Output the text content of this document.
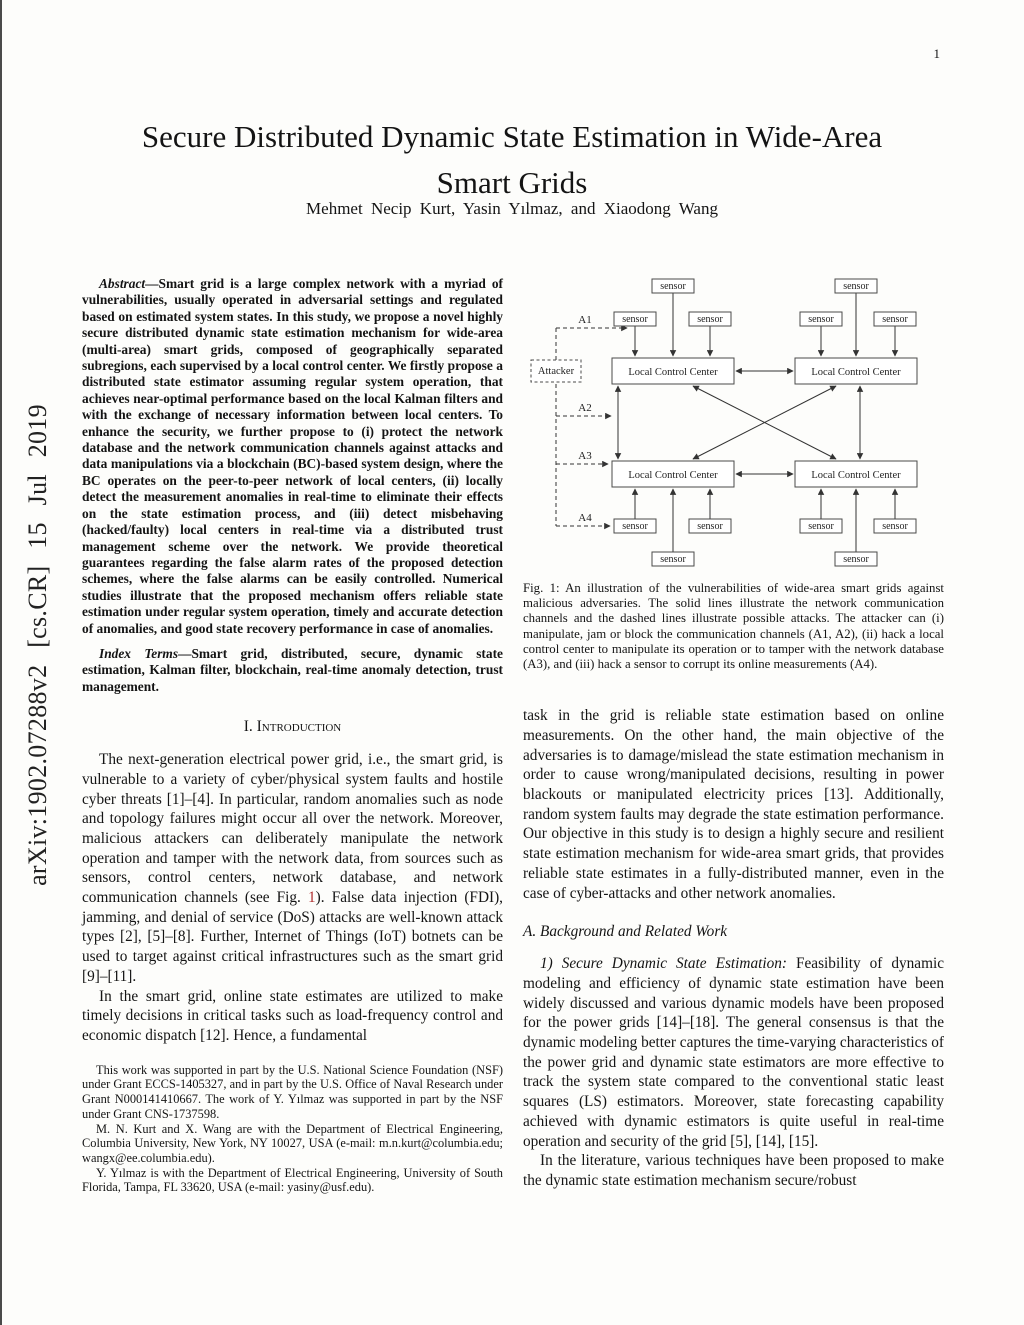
1
arXiv:1902.07288v2 [cs.CR] 15 Jul 2019
Secure Distributed Dynamic State Estimation in Wide-Area Smart Grids
Mehmet Necip Kurt, Yasin Yılmaz, and Xiaodong Wang

Abstract—Smart grid is a large complex network with a myriad of vulnerabilities, usually operated in adversarial settings and regulated based on estimated system states. In this study, we propose a novel highly secure distributed dynamic state estimation mechanism for wide-area (multi-area) smart grids, composed of geographically separated subregions, each supervised by a local control center. We firstly propose a distributed state estimator assuming regular system operation, that achieves near-optimal performance based on the local Kalman filters and with the exchange of necessary information between local centers. To enhance the security, we further propose to (i) protect the network database and the network communication channels against attacks and data manipulations via a blockchain (BC)-based system design, where the BC operates on the peer-to-peer network of local centers, (ii) locally detect the measurement anomalies in real-time to eliminate their effects on the state estimation process, and (iii) detect misbehaving (hacked/faulty) local centers in real-time via a distributed trust management scheme over the network. We provide theoretical guarantees regarding the false alarm rates of the proposed detection schemes, where the false alarms can be easily controlled. Numerical studies illustrate that the proposed mechanism offers reliable state estimation under regular system operation, timely and accurate detection of anomalies, and good state recovery performance in case of anomalies.

Index Terms—Smart grid, distributed, secure, dynamic state estimation, Kalman filter, blockchain, real-time anomaly detection, trust management.

I. Introduction

The next-generation electrical power grid, i.e., the smart grid, is vulnerable to a variety of cyber/physical system faults and hostile cyber threats [1]–[4]. In particular, random anomalies such as node and topology failures might occur all over the network. Moreover, malicious attackers can deliberately manipulate the network operation and tamper with the network data, from sources such as sensors, control centers, network database, and network communication channels (see Fig. 1). False data injection (FDI), jamming, and denial of service (DoS) attacks are well-known attack types [2], [5]–[8]. Further, Internet of Things (IoT) botnets can be used to target against critical infrastructures such as the smart grid [9]–[11].

In the smart grid, online state estimates are utilized to make timely decisions in critical tasks such as load-frequency control and economic dispatch [12]. Hence, a fundamental

This work was supported in part by the U.S. National Science Foundation (NSF) under Grant ECCS-1405327, and in part by the U.S. Office of Naval Research under Grant N000141410667. The work of Y. Yılmaz was supported in part by the NSF under Grant CNS-1737598.

M. N. Kurt and X. Wang are with the Department of Electrical Engineering, Columbia University, New York, NY 10027, USA (e-mail: m.n.kurt@columbia.edu; wangx@ee.columbia.edu).

Y. Yılmaz is with the Department of Electrical Engineering, University of South Florida, Tampa, FL 33620, USA (e-mail: yasiny@usf.edu).

sensor	sensor
sensor	sensor	sensor	sensor
Local Control Center	Local Control Center
Local Control Center	Local Control Center
Attacker
A1
A2
A3
A4
sensor	sensor	sensor	sensor
sensor	sensor

Fig. 1: An illustration of the vulnerabilities of wide-area smart grids against malicious adversaries. The solid lines illustrate the network communication channels and the dashed lines illustrate possible attacks. The attacker can (i) manipulate, jam or block the communication channels (A1, A2), (ii) hack a local control center to manipulate its operation or to tamper with the network database (A3), and (iii) hack a sensor to corrupt its online measurements (A4).

task in the grid is reliable state estimation based on online measurements. On the other hand, the main objective of the adversaries is to damage/mislead the state estimation mechanism in order to cause wrong/manipulated decisions, resulting in power blackouts or manipulated electricity prices [13]. Additionally, random system faults may degrade the state estimation performance. Our objective in this study is to design a highly secure and resilient state estimation mechanism for wide-area smart grids, that provides reliable state estimates in a fully-distributed manner, even in the case of cyber-attacks and other network anomalies.

A. Background and Related Work

1) Secure Dynamic State Estimation: Feasibility of dynamic modeling and efficiency of dynamic state estimation have been widely discussed and various dynamic models have been proposed for the power grids [14]–[18]. The general consensus is that the dynamic modeling better captures the time-varying characteristics of the power grid and dynamic state estimators are more effective to track the system state compared to the conventional static least squares (LS) estimators. Moreover, state forecasting capability achieved with dynamic estimators is quite useful in real-time operation and security of the grid [5], [14], [15].

In the literature, various techniques have been proposed to make the dynamic state estimation mechanism secure/robust
